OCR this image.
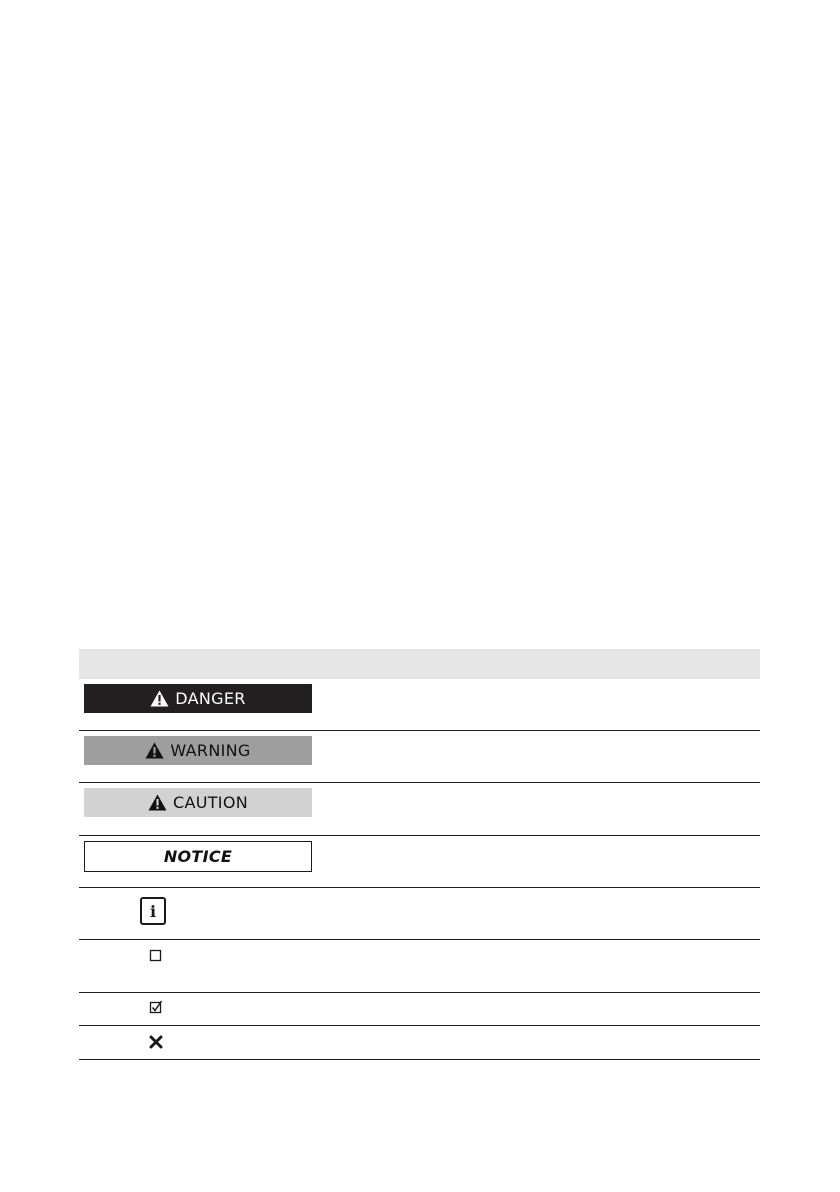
DANGER
WARNING
CAUTION
NOTICE
i
